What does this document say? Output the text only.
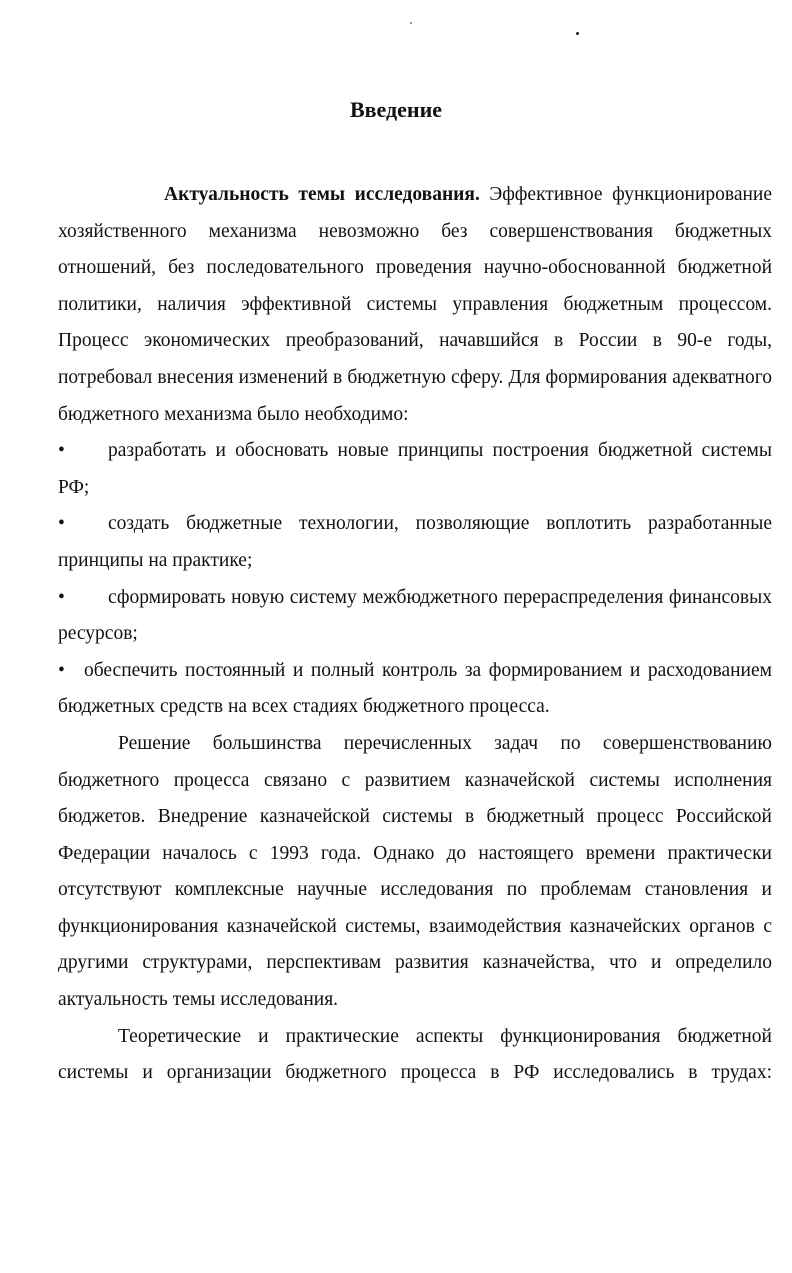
Введение

Актуальность темы исследования. Эффективное функционирование хозяйственного механизма невозможно без совершенствования бюджетных отношений, без последовательного проведения научно-обоснованной бюджетной политики, наличия эффективной системы управления бюджетным процессом. Процесс экономических преобразований, начавшийся в России в 90-е годы, потребовал внесения изменений в бюджетную сферу. Для формирования адекватного бюджетного механизма было необходимо:

• разработать и обосновать новые принципы построения бюджетной системы РФ;

• создать бюджетные технологии, позволяющие воплотить разработанные принципы на практике;

• сформировать новую систему межбюджетного перераспределения финансовых ресурсов;

• обеспечить постоянный и полный контроль за формированием и расходованием бюджетных средств на всех стадиях бюджетного процесса.

Решение большинства перечисленных задач по совершенствованию бюджетного процесса связано с развитием казначейской системы исполнения бюджетов. Внедрение казначейской системы в бюджетный процесс Российской Федерации началось с 1993 года. Однако до настоящего времени практически отсутствуют комплексные научные исследования по проблемам становления и функционирования казначейской системы, взаимодействия казначейских органов с другими структурами, перспективам развития казначейства, что и определило актуальность темы исследования.

Теоретические и практические аспекты функционирования бюджетной системы и организации бюджетного процесса в РФ исследовались в трудах:
